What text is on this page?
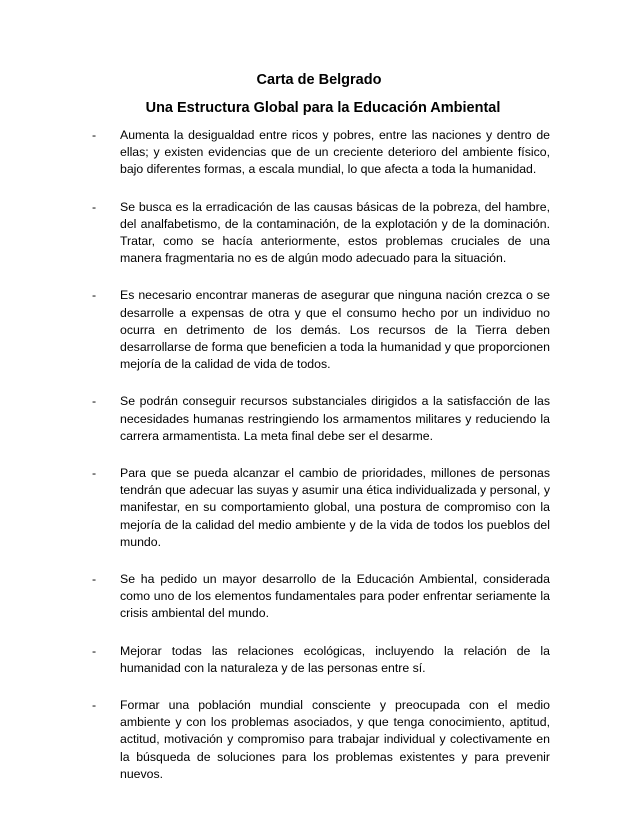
Carta de Belgrado
Una Estructura Global para la Educación Ambiental
- Aumenta la desigualdad entre ricos y pobres, entre las naciones y dentro de ellas; y existen evidencias que de un creciente deterioro del ambiente físico, bajo diferentes formas, a escala mundial, lo que afecta a toda la humanidad.
- Se busca es la erradicación de las causas básicas de la pobreza, del hambre, del analfabetismo, de la contaminación, de la explotación y de la dominación. Tratar, como se hacía anteriormente, estos problemas cruciales de una manera fragmentaria no es de algún modo adecuado para la situación.
- Es necesario encontrar maneras de asegurar que ninguna nación crezca o se desarrolle a expensas de otra y que el consumo hecho por un individuo no ocurra en detrimento de los demás. Los recursos de la Tierra deben desarrollarse de forma que beneficien a toda la humanidad y que proporcionen mejoría de la calidad de vida de todos.
- Se podrán conseguir recursos substanciales dirigidos a la satisfacción de las necesidades humanas restringiendo los armamentos militares y reduciendo la carrera armamentista. La meta final debe ser el desarme.
- Para que se pueda alcanzar el cambio de prioridades, millones de personas tendrán que adecuar las suyas y asumir una ética individualizada y personal, y manifestar, en su comportamiento global, una postura de compromiso con la mejoría de la calidad del medio ambiente y de la vida de todos los pueblos del mundo.
- Se ha pedido un mayor desarrollo de la Educación Ambiental, considerada como uno de los elementos fundamentales para poder enfrentar seriamente la crisis ambiental del mundo.
- Mejorar todas las relaciones ecológicas, incluyendo la relación de la humanidad con la naturaleza y de las personas entre sí.
- Formar una población mundial consciente y preocupada con el medio ambiente y con los problemas asociados, y que tenga conocimiento, aptitud, actitud, motivación y compromiso para trabajar individual y colectivamente en la búsqueda de soluciones para los problemas existentes y para prevenir nuevos.
